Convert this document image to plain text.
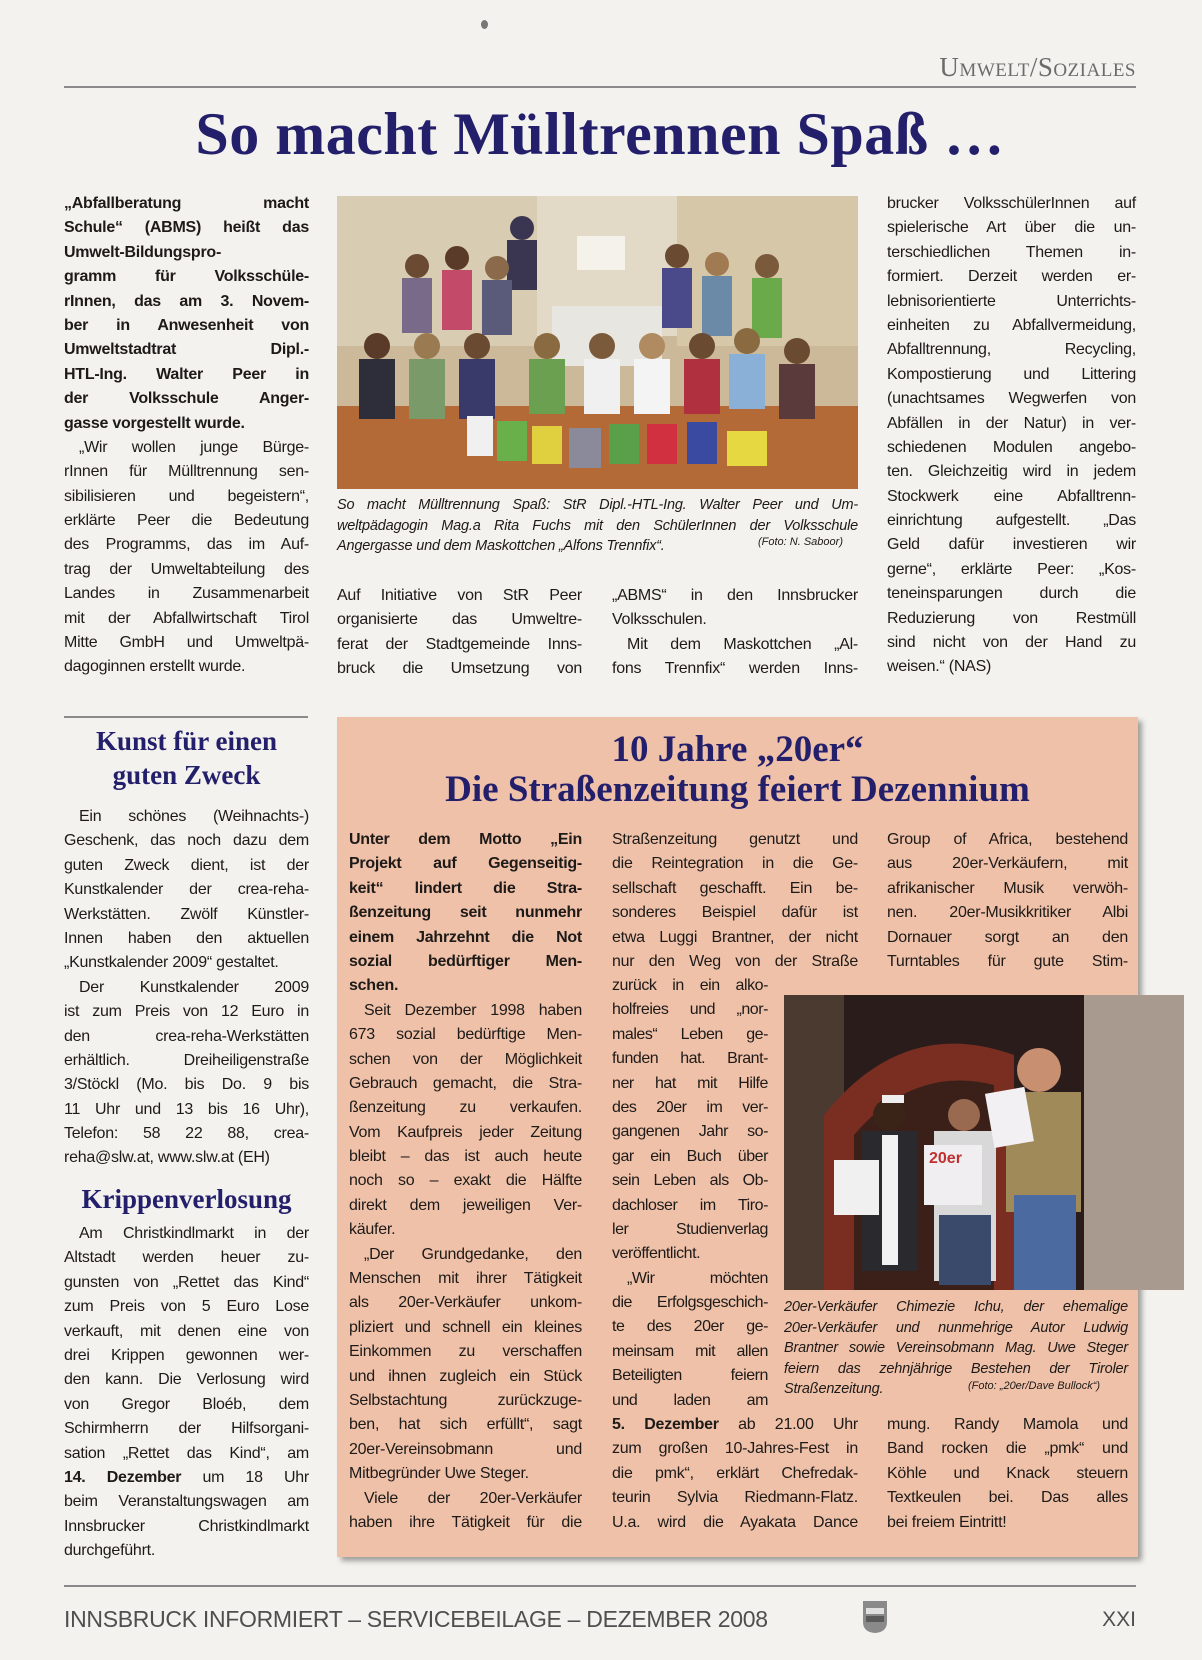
Umwelt/Soziales
So macht Mülltrennen Spaß …
„Abfallberatung macht
Schule“ (ABMS) heißt das
Umwelt-Bildungspro-
gramm für Volksschüle-
rInnen, das am 3. Novem-
ber in Anwesenheit von
Umweltstadtrat Dipl.-
HTL-Ing. Walter Peer in
der Volksschule Anger-
gasse vorgestellt wurde.
„Wir wollen junge Bürge-
rInnen für Mülltrennung sen-
sibilisieren und begeistern“,
erklärte Peer die Bedeutung
des Programms, das im Auf-
trag der Umweltabteilung des
Landes in Zusammenarbeit
mit der Abfallwirtschaft Tirol
Mitte GmbH und Umweltpä-
dagoginnen erstellt wurde.
So macht Mülltrennung Spaß: StR Dipl.-HTL-Ing. Walter Peer und Um-
weltpädagogin Mag.a Rita Fuchs mit den SchülerInnen der Volksschule
Angergasse und dem Maskottchen „Alfons Trennfix“.	(Foto: N. Saboor)
Auf Initiative von StR Peer
organisierte das Umweltre-
ferat der Stadtgemeinde Inns-
bruck die Umsetzung von
„ABMS“ in den Innsbrucker
Volksschulen.
Mit dem Maskottchen „Al-
fons Trennfix“ werden Inns-
brucker VolksschülerInnen auf
spielerische Art über die un-
terschiedlichen Themen in-
formiert. Derzeit werden er-
lebnisorientierte Unterrichts-
einheiten zu Abfallvermeidung,
Abfalltrennung, Recycling,
Kompostierung und Littering
(unachtsames Wegwerfen von
Abfällen in der Natur) in ver-
schiedenen Modulen angebo-
ten. Gleichzeitig wird in jedem
Stockwerk eine Abfalltrenn-
einrichtung aufgestellt. „Das
Geld dafür investieren wir
gerne“, erklärte Peer: „Kos-
teneinsparungen durch die
Reduzierung von Restmüll
sind nicht von der Hand zu
weisen.“ (NAS)
Kunst für einen
guten Zweck
Ein schönes (Weihnachts-)
Geschenk, das noch dazu dem
guten Zweck dient, ist der
Kunstkalender der crea-reha-
Werkstätten. Zwölf Künstler-
Innen haben den aktuellen
„Kunstkalender 2009“ gestaltet.
Der Kunstkalender 2009
ist zum Preis von 12 Euro in
den crea-reha-Werkstätten
erhältlich. Dreiheiligenstraße
3/Stöckl (Mo. bis Do. 9 bis
11 Uhr und 13 bis 16 Uhr),
Telefon: 58 22 88, crea-
reha@slw.at, www.slw.at (EH)
Krippenverlosung
Am Christkindlmarkt in der
Altstadt werden heuer zu-
gunsten von „Rettet das Kind“
zum Preis von 5 Euro Lose
verkauft, mit denen eine von
drei Krippen gewonnen wer-
den kann. Die Verlosung wird
von Gregor Bloéb, dem
Schirmherrn der Hilfsorgani-
sation „Rettet das Kind“, am
14. Dezember um 18 Uhr
beim Veranstaltungswagen am
Innsbrucker Christkindlmarkt
durchgeführt.
10 Jahre „20er“
Die Straßenzeitung feiert Dezennium
Unter dem Motto „Ein
Projekt auf Gegenseitig-
keit“ lindert die Stra-
ßenzeitung seit nunmehr
einem Jahrzehnt die Not
sozial bedürftiger Men-
schen.
Seit Dezember 1998 haben
673 sozial bedürftige Men-
schen von der Möglichkeit
Gebrauch gemacht, die Stra-
ßenzeitung zu verkaufen.
Vom Kaufpreis jeder Zeitung
bleibt – das ist auch heute
noch so – exakt die Hälfte
direkt dem jeweiligen Ver-
käufer.
„Der Grundgedanke, den
Menschen mit ihrer Tätigkeit
als 20er-Verkäufer unkom-
pliziert und schnell ein kleines
Einkommen zu verschaffen
und ihnen zugleich ein Stück
Selbstachtung zurückzuge-
ben, hat sich erfüllt“, sagt
20er-Vereinsobmann und
Mitbegründer Uwe Steger.
Viele der 20er-Verkäufer
haben ihre Tätigkeit für die
Straßenzeitung genutzt und
die Reintegration in die Ge-
sellschaft geschafft. Ein be-
sonderes Beispiel dafür ist
etwa Luggi Brantner, der nicht
nur den Weg von der Straße
zurück in ein alko-
holfreies und „nor-
males“ Leben ge-
funden hat. Brant-
ner hat mit Hilfe
des 20er im ver-
gangenen Jahr so-
gar ein Buch über
sein Leben als Ob-
dachloser im Tiro-
ler Studienverlag
veröffentlicht.
„Wir möchten
die Erfolgsgeschich-
te des 20er ge-
meinsam mit allen
Beteiligten feiern
und laden am
5. Dezember ab 21.00 Uhr
zum großen 10-Jahres-Fest in
die pmk“, erklärt Chefredak-
teurin Sylvia Riedmann-Flatz.
U.a. wird die Ayakata Dance
Group of Africa, bestehend
aus 20er-Verkäufern, mit
afrikanischer Musik verwöh-
nen. 20er-Musikkritiker Albi
Dornauer sorgt an den
Turntables für gute Stim-
mung. Randy Mamola und
Band rocken die „pmk“ und
Köhle und Knack steuern
Textkeulen bei. Das alles
bei freiem Eintritt!
20er
20er-Verkäufer Chimezie Ichu, der ehemalige
20er-Verkäufer und nunmehrige Autor Ludwig
Brantner sowie Vereinsobmann Mag. Uwe Steger
feiern das zehnjährige Bestehen der Tiroler
Straßenzeitung.	(Foto: „20er/Dave Bullock“)
INNSBRUCK INFORMIERT – SERVICEBEILAGE – DEZEMBER 2008	XXI
